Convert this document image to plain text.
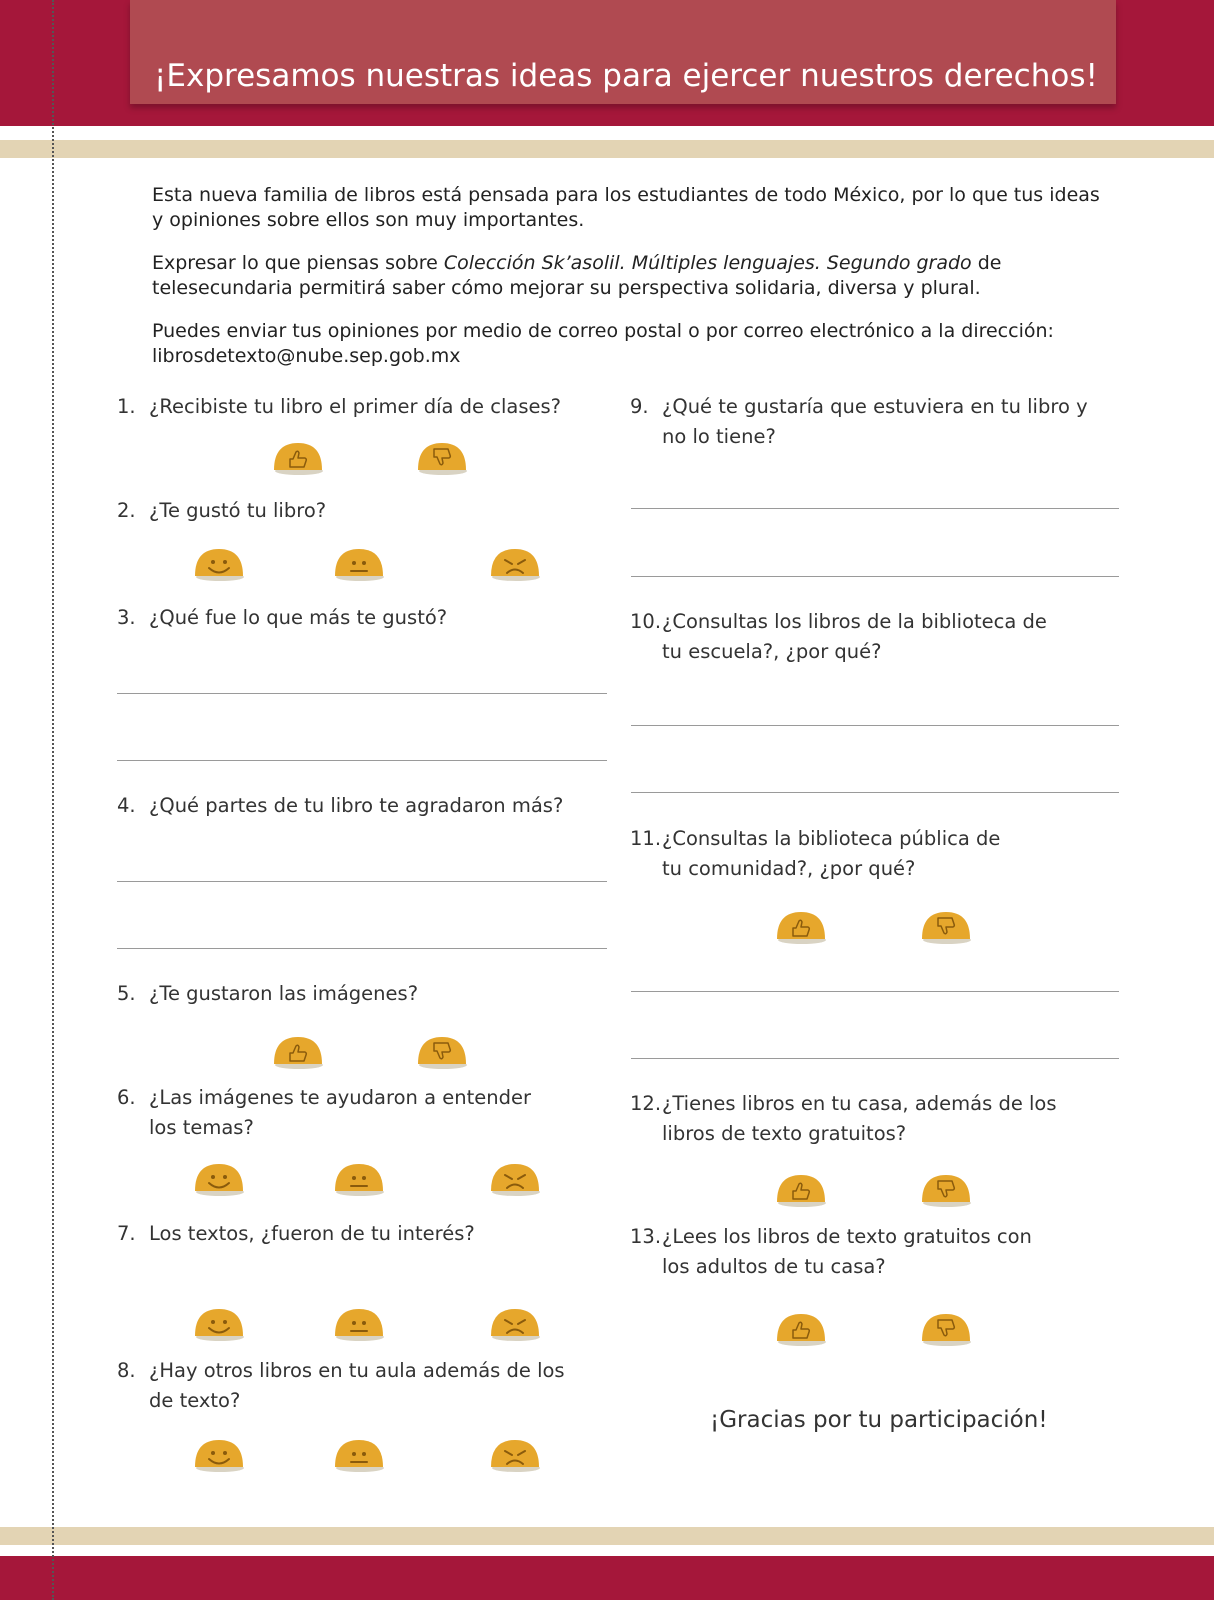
¡Expresamos nuestras ideas para ejercer nuestros derechos!

Esta nueva familia de libros está pensada para los estudiantes de todo México, por lo que tus ideas y opiniones sobre ellos son muy importantes.

Expresar lo que piensas sobre Colección Sk’asolil. Múltiples lenguajes. Segundo grado de telesecundaria permitirá saber cómo mejorar su perspectiva solidaria, diversa y plural.

Puedes enviar tus opiniones por medio de correo postal o por correo electrónico a la dirección:

librosdetexto@nube.sep.gob.mx

1. ¿Recibiste tu libro el primer día de clases?
2. ¿Te gustó tu libro?
3. ¿Qué fue lo que más te gustó?
4. ¿Qué partes de tu libro te agradaron más?
5. ¿Te gustaron las imágenes?
6. ¿Las imágenes te ayudaron a entender los temas?
7. Los textos, ¿fueron de tu interés?
8. ¿Hay otros libros en tu aula además de los de texto?
9. ¿Qué te gustaría que estuviera en tu libro y no lo tiene?
10. ¿Consultas los libros de la biblioteca de tu escuela?, ¿por qué?
11. ¿Consultas la biblioteca pública de tu comunidad?, ¿por qué?
12. ¿Tienes libros en tu casa, además de los libros de texto gratuitos?
13. ¿Lees los libros de texto gratuitos con los adultos de tu casa?
¡Gracias por tu participación!
